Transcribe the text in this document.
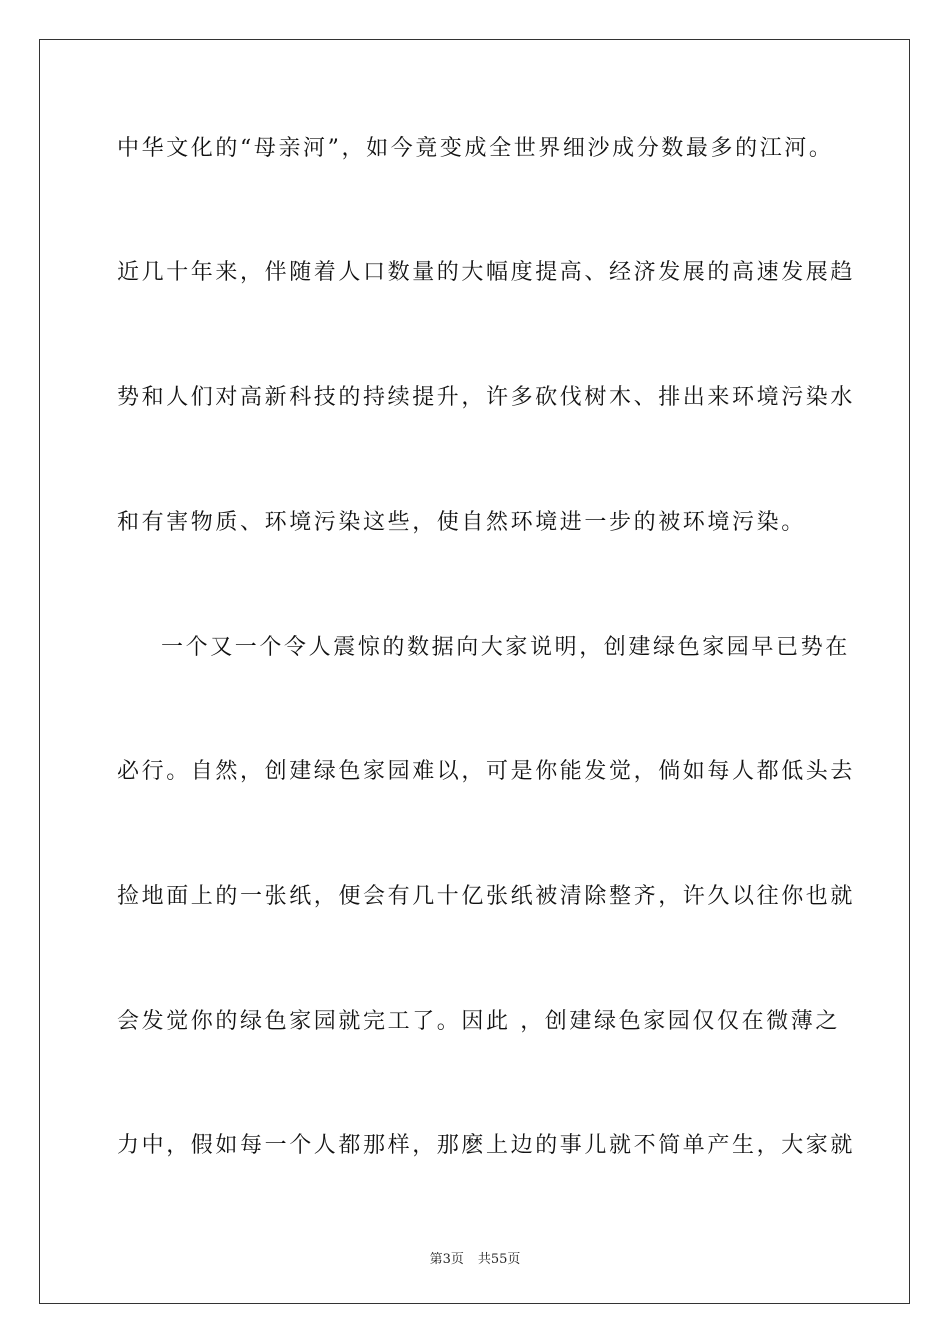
中华文化的“母亲河”，如今竟变成全世界细沙成分数最多的江河。
近几十年来，伴随着人口数量的大幅度提高、经济发展的高速发展趋
势和人们对高新科技的持续提升，许多砍伐树木、排出来环境污染水
和有害物质、环境污染这些，使自然环境进一步的被环境污染。
一个又一个令人震惊的数据向大家说明，创建绿色家园早已势在
必行。自然，创建绿色家园难以，可是你能发觉，倘如每人都低头去
捡地面上的一张纸，便会有几十亿张纸被清除整齐，许久以往你也就
会发觉你的绿色家园就完工了。因此 ，创建绿色家园仅仅在微薄之
力中，假如每一个人都那样，那麽上边的事儿就不简单产生，大家就
第3页 共55页
